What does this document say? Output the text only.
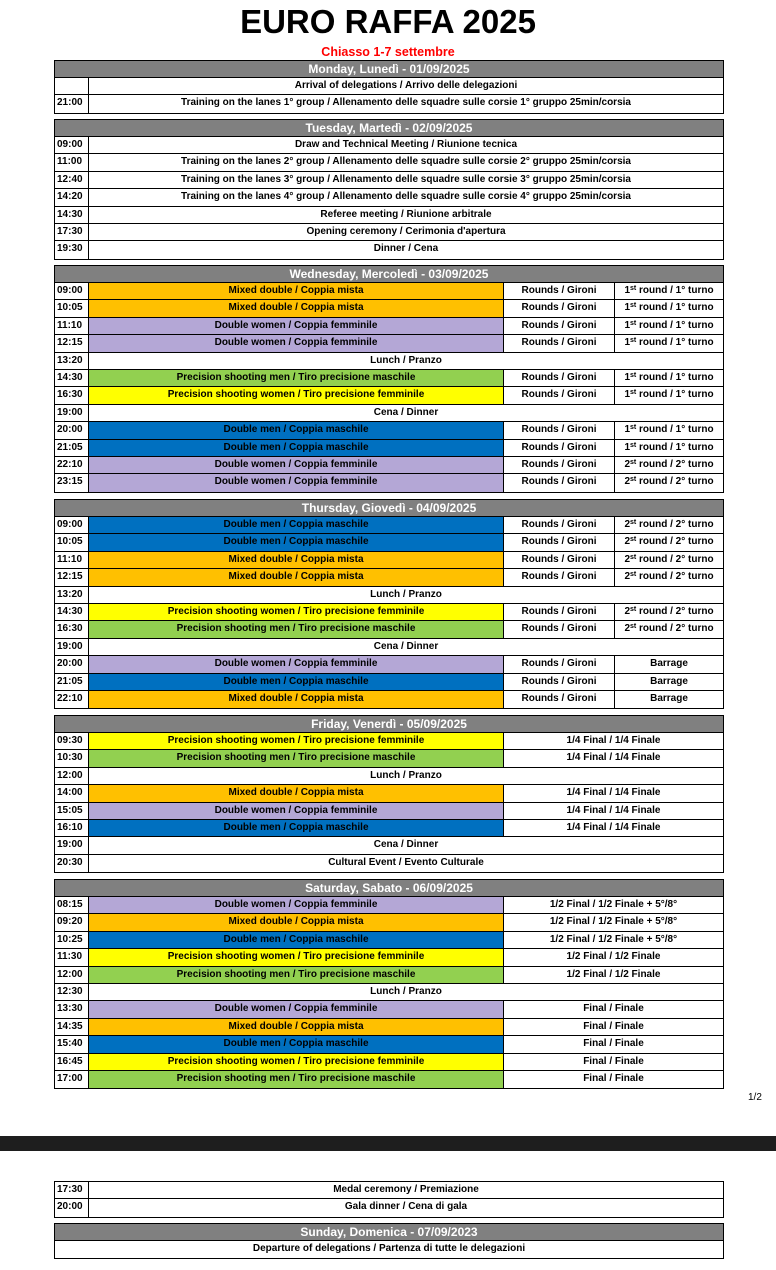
EURO RAFFA 2025
Chiasso 1-7 settembre
Monday, Lunedì - 01/09/2025
Arrival of delegations / Arrivo delle delegazioni
21:00	Training on the lanes 1° group / Allenamento delle squadre sulle corsie 1° gruppo 25min/corsia
Tuesday, Martedì - 02/09/2025
09:00	Draw and Technical Meeting / Riunione tecnica
11:00	Training on the lanes 2° group / Allenamento delle squadre sulle corsie 2° gruppo 25min/corsia
12:40	Training on the lanes 3° group / Allenamento delle squadre sulle corsie 3° gruppo 25min/corsia
14:20	Training on the lanes 4° group / Allenamento delle squadre sulle corsie 4° gruppo 25min/corsia
14:30	Referee meeting / Riunione arbitrale
17:30	Opening ceremony / Cerimonia d'apertura
19:30	Dinner / Cena
Wednesday, Mercoledì - 03/09/2025
09:00	Mixed double / Coppia mista	Rounds / Gironi	1st round / 1° turno
10:05	Mixed double / Coppia mista	Rounds / Gironi	1st round / 1° turno
11:10	Double women / Coppia femminile	Rounds / Gironi	1st round / 1° turno
12:15	Double women / Coppia femminile	Rounds / Gironi	1st round / 1° turno
13:20	Lunch / Pranzo
14:30	Precision shooting men / Tiro precisione maschile	Rounds / Gironi	1st round / 1° turno
16:30	Precision shooting women / Tiro precisione femminile	Rounds / Gironi	1st round / 1° turno
19:00	Cena / Dinner
20:00	Double men / Coppia maschile	Rounds / Gironi	1st round / 1° turno
21:05	Double men / Coppia maschile	Rounds / Gironi	1st round / 1° turno
22:10	Double women / Coppia femminile	Rounds / Gironi	2st round / 2° turno
23:15	Double women / Coppia femminile	Rounds / Gironi	2st round / 2° turno
Thursday, Giovedì - 04/09/2025
09:00	Double men / Coppia maschile	Rounds / Gironi	2st round / 2° turno
10:05	Double men / Coppia maschile	Rounds / Gironi	2st round / 2° turno
11:10	Mixed double / Coppia mista	Rounds / Gironi	2st round / 2° turno
12:15	Mixed double / Coppia mista	Rounds / Gironi	2st round / 2° turno
13:20	Lunch / Pranzo
14:30	Precision shooting women / Tiro precisione femminile	Rounds / Gironi	2st round / 2° turno
16:30	Precision shooting men / Tiro precisione maschile	Rounds / Gironi	2st round / 2° turno
19:00	Cena / Dinner
20:00	Double women / Coppia femminile	Rounds / Gironi	Barrage
21:05	Double men / Coppia maschile	Rounds / Gironi	Barrage
22:10	Mixed double / Coppia mista	Rounds / Gironi	Barrage
Friday, Venerdì - 05/09/2025
09:30	Precision shooting women / Tiro precisione femminile	1/4 Final / 1/4 Finale
10:30	Precision shooting men / Tiro precisione maschile	1/4 Final / 1/4 Finale
12:00	Lunch / Pranzo
14:00	Mixed double / Coppia mista	1/4 Final / 1/4 Finale
15:05	Double women / Coppia femminile	1/4 Final / 1/4 Finale
16:10	Double men / Coppia maschile	1/4 Final / 1/4 Finale
19:00	Cena / Dinner
20:30	Cultural Event / Evento Culturale
Saturday, Sabato - 06/09/2025
08:15	Double women / Coppia femminile	1/2 Final / 1/2 Finale + 5°/8°
09:20	Mixed double / Coppia mista	1/2 Final / 1/2 Finale + 5°/8°
10:25	Double men / Coppia maschile	1/2 Final / 1/2 Finale + 5°/8°
11:30	Precision shooting women / Tiro precisione femminile	1/2 Final / 1/2 Finale
12:00	Precision shooting men / Tiro precisione maschile	1/2 Final / 1/2 Finale
12:30	Lunch / Pranzo
13:30	Double women / Coppia femminile	Final / Finale
14:35	Mixed double / Coppia mista	Final / Finale
15:40	Double men / Coppia maschile	Final / Finale
16:45	Precision shooting women / Tiro precisione femminile	Final / Finale
17:00	Precision shooting men / Tiro precisione maschile	Final / Finale
17:30	Medal ceremony / Premiazione
20:00	Gala dinner / Cena di gala
Sunday, Domenica - 07/09/2023
Departure of delegations / Partenza di tutte le delegazioni
1/2
